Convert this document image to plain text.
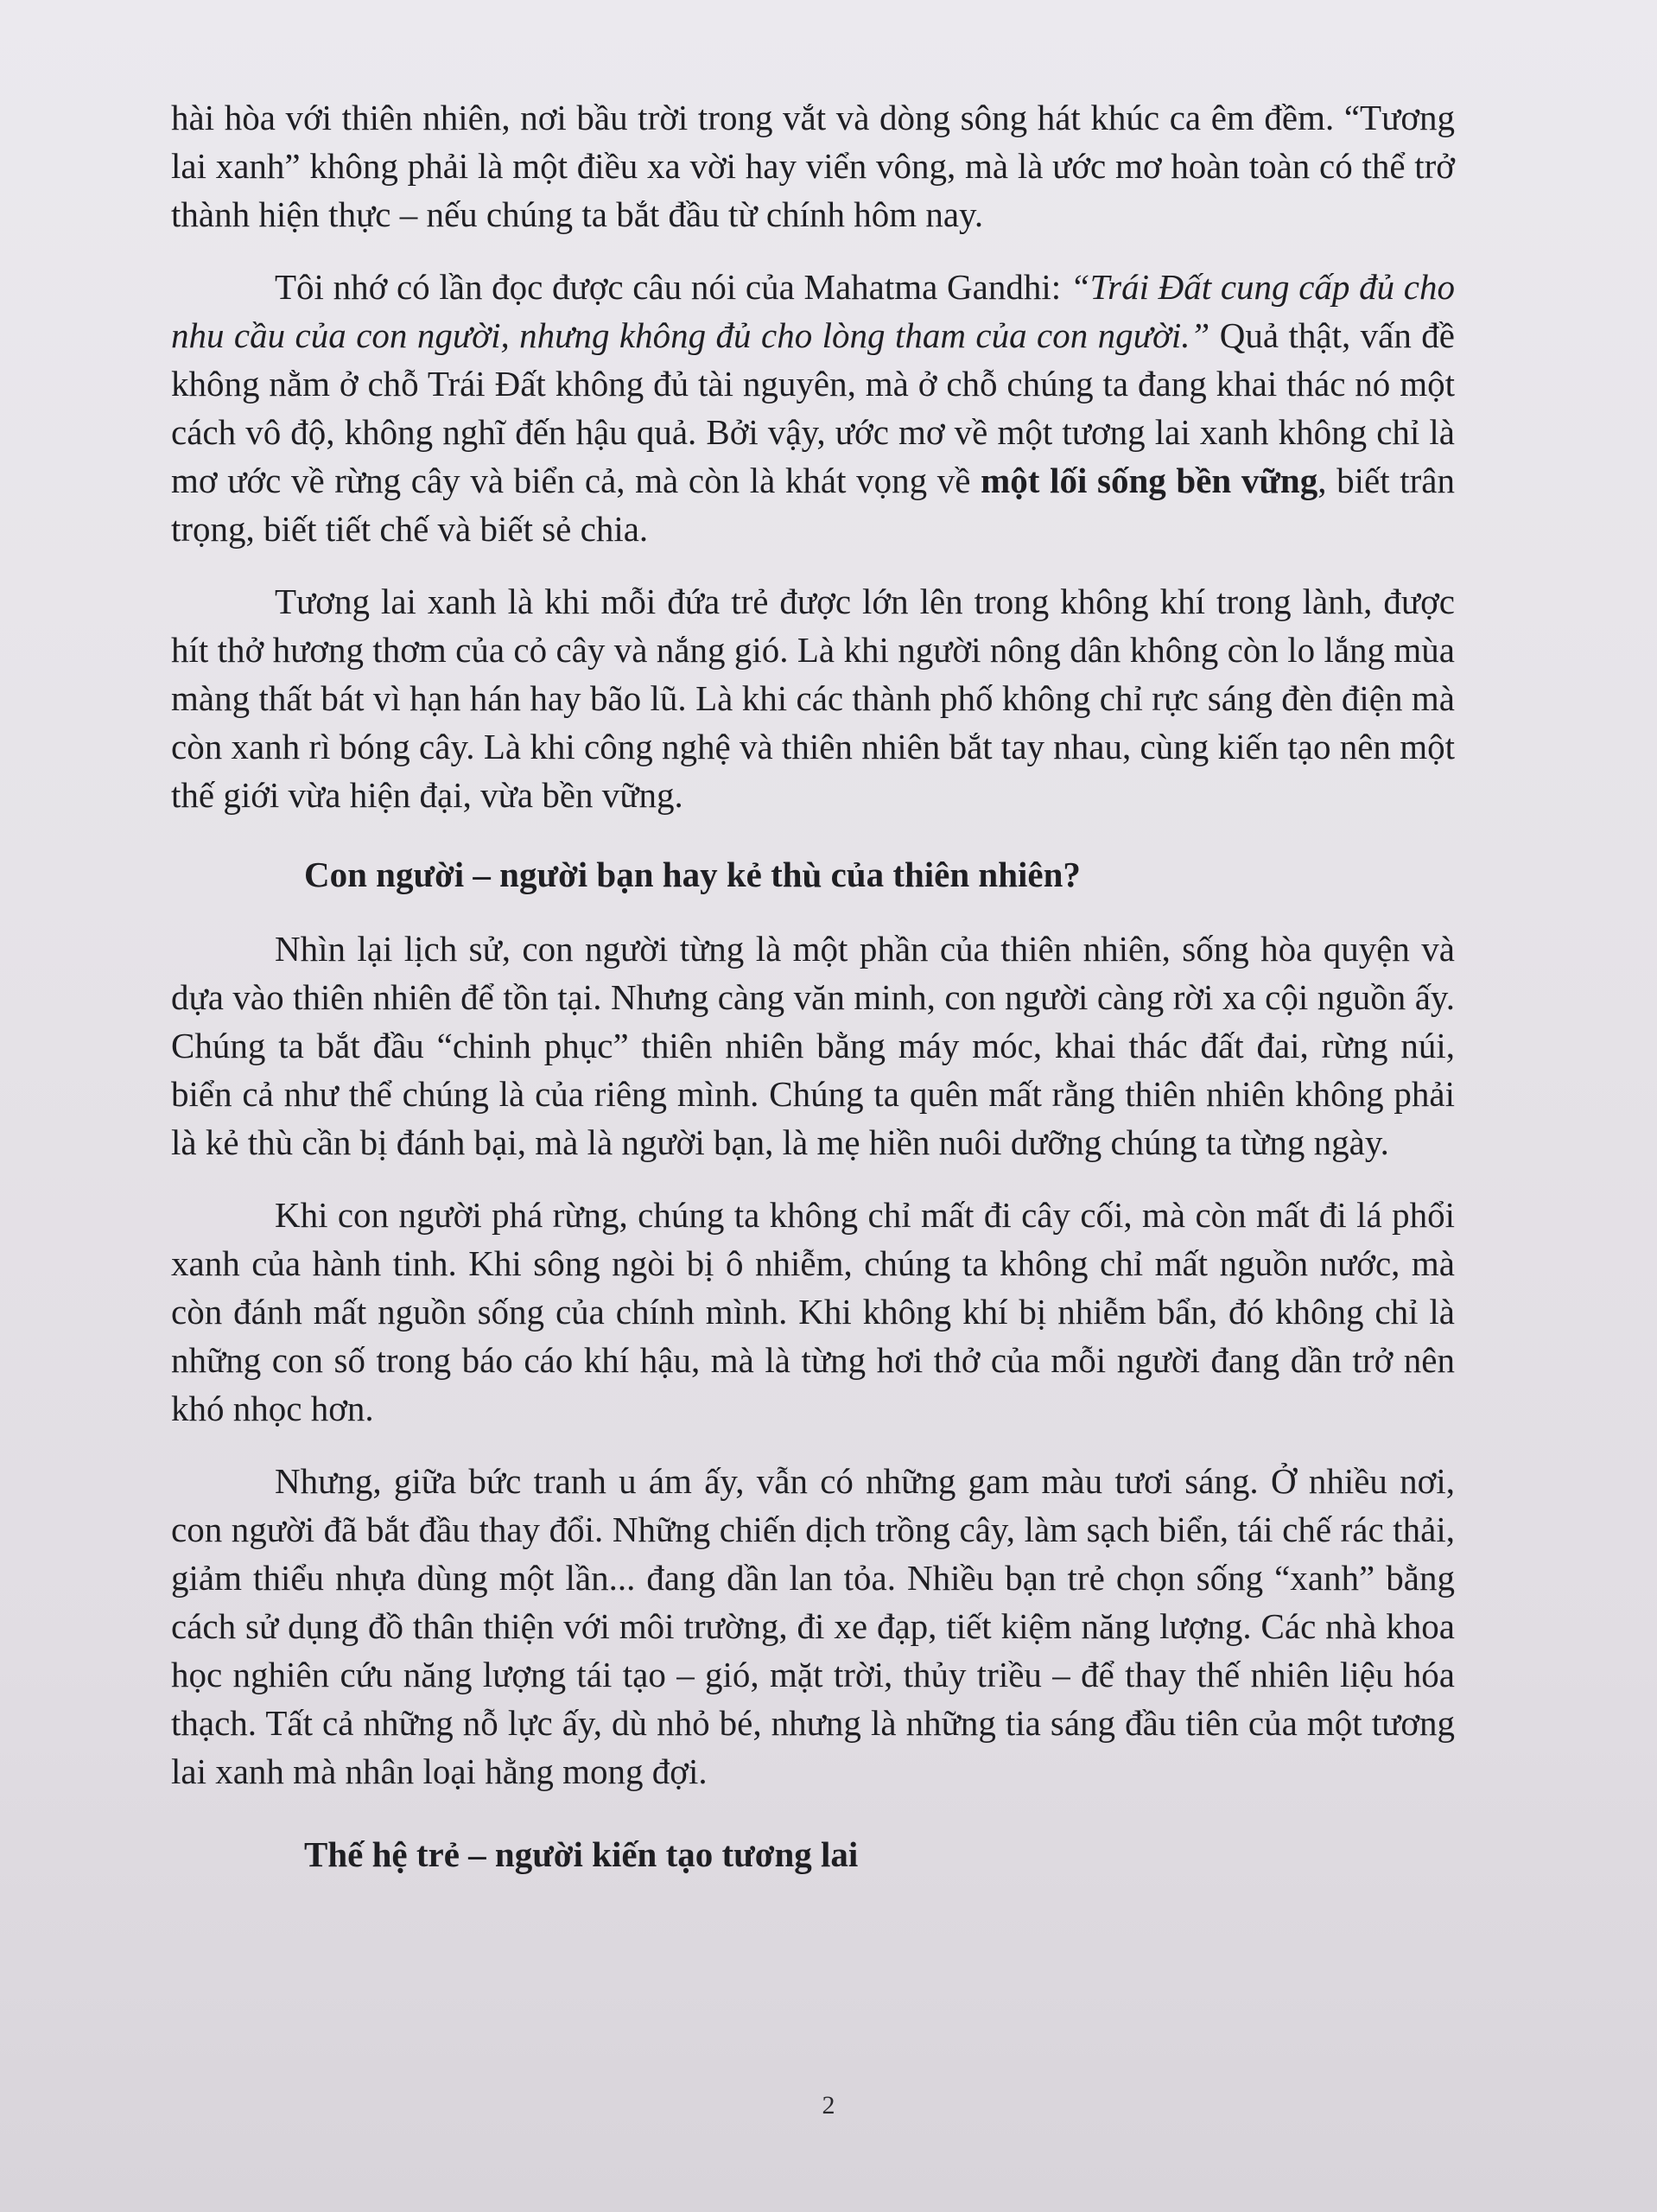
hài hòa với thiên nhiên, nơi bầu trời trong vắt và dòng sông hát khúc ca êm đềm. “Tương lai xanh” không phải là một điều xa vời hay viển vông, mà là ước mơ hoàn toàn có thể trở thành hiện thực – nếu chúng ta bắt đầu từ chính hôm nay.

Tôi nhớ có lần đọc được câu nói của Mahatma Gandhi: “Trái Đất cung cấp đủ cho nhu cầu của con người, nhưng không đủ cho lòng tham của con người.” Quả thật, vấn đề không nằm ở chỗ Trái Đất không đủ tài nguyên, mà ở chỗ chúng ta đang khai thác nó một cách vô độ, không nghĩ đến hậu quả. Bởi vậy, ước mơ về một tương lai xanh không chỉ là mơ ước về rừng cây và biển cả, mà còn là khát vọng về một lối sống bền vững, biết trân trọng, biết tiết chế và biết sẻ chia.

Tương lai xanh là khi mỗi đứa trẻ được lớn lên trong không khí trong lành, được hít thở hương thơm của cỏ cây và nắng gió. Là khi người nông dân không còn lo lắng mùa màng thất bát vì hạn hán hay bão lũ. Là khi các thành phố không chỉ rực sáng đèn điện mà còn xanh rì bóng cây. Là khi công nghệ và thiên nhiên bắt tay nhau, cùng kiến tạo nên một thế giới vừa hiện đại, vừa bền vững.

Con người – người bạn hay kẻ thù của thiên nhiên?

Nhìn lại lịch sử, con người từng là một phần của thiên nhiên, sống hòa quyện và dựa vào thiên nhiên để tồn tại. Nhưng càng văn minh, con người càng rời xa cội nguồn ấy. Chúng ta bắt đầu “chinh phục” thiên nhiên bằng máy móc, khai thác đất đai, rừng núi, biển cả như thể chúng là của riêng mình. Chúng ta quên mất rằng thiên nhiên không phải là kẻ thù cần bị đánh bại, mà là người bạn, là mẹ hiền nuôi dưỡng chúng ta từng ngày.

Khi con người phá rừng, chúng ta không chỉ mất đi cây cối, mà còn mất đi lá phổi xanh của hành tinh. Khi sông ngòi bị ô nhiễm, chúng ta không chỉ mất nguồn nước, mà còn đánh mất nguồn sống của chính mình. Khi không khí bị nhiễm bẩn, đó không chỉ là những con số trong báo cáo khí hậu, mà là từng hơi thở của mỗi người đang dần trở nên khó nhọc hơn.

Nhưng, giữa bức tranh u ám ấy, vẫn có những gam màu tươi sáng. Ở nhiều nơi, con người đã bắt đầu thay đổi. Những chiến dịch trồng cây, làm sạch biển, tái chế rác thải, giảm thiểu nhựa dùng một lần... đang dần lan tỏa. Nhiều bạn trẻ chọn sống “xanh” bằng cách sử dụng đồ thân thiện với môi trường, đi xe đạp, tiết kiệm năng lượng. Các nhà khoa học nghiên cứu năng lượng tái tạo – gió, mặt trời, thủy triều – để thay thế nhiên liệu hóa thạch. Tất cả những nỗ lực ấy, dù nhỏ bé, nhưng là những tia sáng đầu tiên của một tương lai xanh mà nhân loại hằng mong đợi.

Thế hệ trẻ – người kiến tạo tương lai
2
